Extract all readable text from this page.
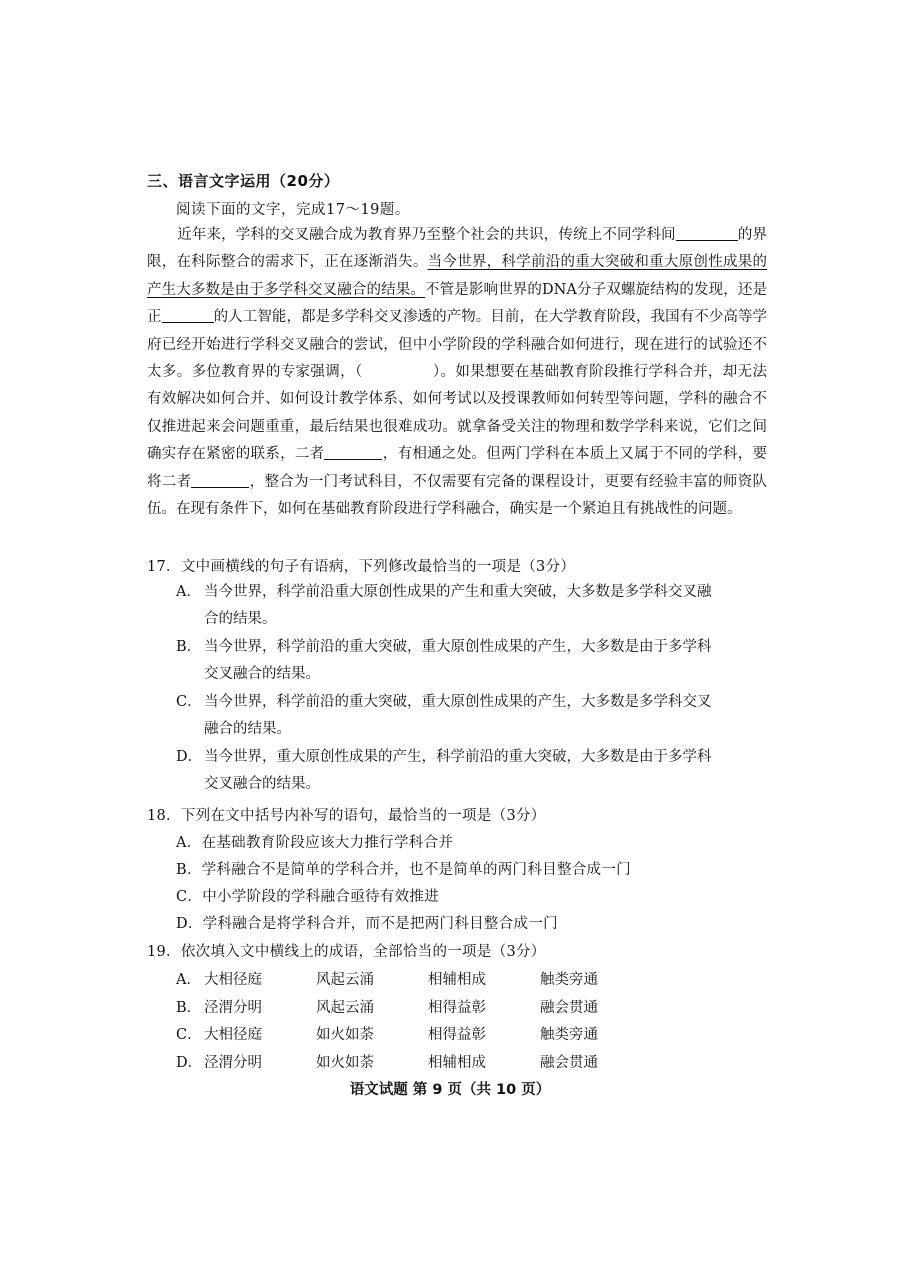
三、语言文字运用（20分）
阅读下面的文字，完成17～19题。
近年来，学科的交叉融合成为教育界乃至整个社会的共识，传统上不同学科间	的界限，在科际整合的需求下，正在逐渐消失。当今世界，科学前沿的重大突破和重大原创性成果的产生大多数是由于多学科交叉融合的结果。不管是影响世界的DNA分子双螺旋结构的发现，还是正	的人工智能，都是多学科交叉渗透的产物。目前，在大学教育阶段，我国有不少高等学府已经开始进行学科交叉融合的尝试，但中小学阶段的学科融合如何进行，现在进行的试验还不太多。多位教育界的专家强调，（	）。如果想要在基础教育阶段推行学科合并，却无法有效解决如何合并、如何设计教学体系、如何考试以及授课教师如何转型等问题，学科的融合不仅推进起来会问题重重，最后结果也很难成功。就拿备受关注的物理和数学学科来说，它们之间确实存在紧密的联系，二者	，有相通之处。但两门学科在本质上又属于不同的学科，要将二者	，整合为一门考试科目，不仅需要有完备的课程设计，更要有经验丰富的师资队伍。在现有条件下，如何在基础教育阶段进行学科融合，确实是一个紧迫且有挑战性的问题。
17．文中画横线的句子有语病，下列修改最恰当的一项是（3分）
A． 当今世界，科学前沿重大原创性成果的产生和重大突破，大多数是多学科交叉融
合的结果。
B． 当今世界，科学前沿的重大突破，重大原创性成果的产生，大多数是由于多学科
交叉融合的结果。
C． 当今世界，科学前沿的重大突破，重大原创性成果的产生，大多数是多学科交叉
融合的结果。
D． 当今世界，重大原创性成果的产生，科学前沿的重大突破，大多数是由于多学科
交叉融合的结果。
18．下列在文中括号内补写的语句，最恰当的一项是（3分）
A．在基础教育阶段应该大力推行学科合并
B．学科融合不是简单的学科合并，也不是简单的两门科目整合成一门
C．中小学阶段的学科融合亟待有效推进
D．学科融合是将学科合并，而不是把两门科目整合成一门
19．依次填入文中横线上的成语，全部恰当的一项是（3分）
A． 大相径庭	风起云涌	相辅相成	触类旁通
B． 泾渭分明	风起云涌	相得益彰	融会贯通
C． 大相径庭	如火如荼	相得益彰	触类旁通
D． 泾渭分明	如火如荼	相辅相成	融会贯通
语文试题 第 9 页（共 10 页）
